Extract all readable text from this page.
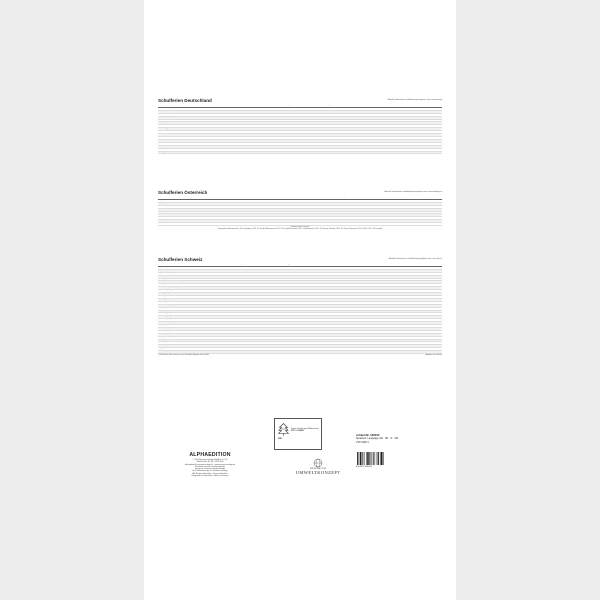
Schulferien Deutschland	Aktuelle Informationen und Änderungsangebote unter: www.kmk.org
Bundesland	Weihnachten 2023/2024	Winter 2024	Frühjahr/Ostern 2024	Himmelfahrt/Pfingsten 2024	Sommer 2024	Herbst 2024	Weihnachten 2024/2025
Baden-Württemberg	23.12. - 05.01.	-	23.03. - 06.04.	21.05. - 31.05.	25.07. - 07.09.	28.10. - 31.10.	23.12. - 04.01.
Bayern	23.12. - 05.01.	12.02. - 16.02.	25.03. - 06.04.	21.05. - 01.06.	29.07. - 09.09.	28.10. - 31.10.	23.12. - 03.01.
Berlin	22.12. - 02.01.	05.02. - 10.02.	25.03. - 05.04.	10.05.	18.07. - 30.08.	21.10. - 01.11.	23.12. - 31.12.
Brandenburg	22.12. - 02.01.	05.02. - 10.02.	25.03. - 30.03.	10.05.	18.07. - 30.08.	21.10. - 01.11.	23.12. - 03.01.
Bremen	23.12. - 05.01.	01.02. - 02.02.	18.03. - 02.04.	10.05. / 21.05.	24.06. - 02.08.	04.10. - 18.10.	23.12. - 04.01.
Hamburg	22.12. - 05.01.	02.02.	18.03. - 28.03.	10.05. - 24.05.	18.07. - 28.08.	21.10. - 01.11.	20.12. - 03.01.
Hessen	27.12. - 13.01.	-	25.03. - 13.04.	-	15.07. - 23.08.	14.10. - 26.10.	23.12. - 10.01.
Mecklenburg-Vorpommern	21.12. - 03.01.	05.02. - 16.02.	25.03. - 03.04.	10.05. / 17.05. - 21.05.	22.07. - 31.08.	30.10. - 02.11.	23.12. - 04.01.
Niedersachsen	27.12. - 05.01.	01.02. - 02.02.	18.03. - 28.03.	10.05. / 21.05.	24.06. - 02.08.	04.10. - 18.10.	23.12. - 04.01.
Nordrhein-Westfalen	21.12. - 05.01.	-	25.03. - 06.04.	21.05.	08.07. - 20.08.	14.10. - 26.10.	23.12. - 06.01.
Rheinland-Pfalz	27.12. - 05.01.	-	25.03. - 02.04.	-	15.07. - 23.08.	14.10. - 25.10.	23.12. - 08.01.
Saarland	21.12. - 02.01.	12.02. - 16.02.	25.03. - 05.04.	-	15.07. - 23.08.	14.10. - 25.10.	20.12. - 03.01.
Sachsen	23.12. - 02.01.	12.02. - 23.02.	28.03. - 05.04.	10.05.	20.06. - 02.08.	07.10. - 18.10.	23.12. - 03.01.
Sachsen-Anhalt	21.12. - 03.01.	05.02. - 10.02.	25.03. - 30.03.	21.05. - 24.05.	24.06. - 02.08.	04.10. - 18.10.	19.12. - 03.01.
Schleswig-Holstein	27.12. - 09.01.	-	02.04. - 19.04.	10.05.	22.07. - 31.08.	21.10. - 02.11.	19.12. - 07.01.
Thüringen	22.12. - 05.01.	12.02. - 16.02.	25.03. - 05.04.	10.05.	20.06. - 31.07.	07.10. - 19.10.	20.12. - 03.01.
Schulferien Österreich	Aktuelle Informationen und Änderungsangebote unter: www.bmbwf.gv.at
Bundesland	Weihnachten 2023/2024	Semester 2024	Ostern 2024	Pfingsten 2024	Sommer 2024	Weihnachten 2024/2025
Burgenland	23.12. - 06.01.	05.02. - 10.02.	23.03. - 02.04.	18.05. - 21.05.	29.06. - 31.08.	21.12. - 06.01.
Kärnten	23.12. - 06.01.	12.02. - 17.02.	23.03. - 02.04.	18.05. - 21.05.	06.07. - 07.09.	21.12. - 06.01.
Niederösterreich	23.12. - 06.01.	05.02. - 10.02.	23.03. - 02.04.	18.05. - 21.05.	29.06. - 31.08.	21.12. - 06.01.
Oberösterreich	23.12. - 06.01.	12.02. - 17.02.	23.03. - 02.04.	18.05. - 21.05.	06.07. - 07.09.	21.12. - 06.01.
Salzburg	23.12. - 06.01.	12.02. - 17.02.	23.03. - 02.04.	18.05. - 21.05.	06.07. - 07.09.	21.12. - 06.01.
Steiermark	23.12. - 06.01.	19.02. - 24.02.	23.03. - 02.04.	18.05. - 21.05.	06.07. - 07.09.	21.12. - 06.01.
Tirol	23.12. - 06.01.	12.02. - 17.02.	23.03. - 02.04.	18.05. - 21.05.	06.07. - 07.09.	21.12. - 06.01.
Vorarlberg	23.12. - 06.01.	12.02. - 17.02.	23.03. - 02.04.	18.05. - 21.05.	06.07. - 07.09.	21.12. - 06.01.
Wien	23.12. - 06.01.	05.02. - 10.02.	23.03. - 02.04.	18.05. - 21.05.	29.06. - 31.08.	21.12. - 06.01.
Schulfreie Tage Österreich
Burgenland, Niederösterreich, Tirol, Vorarlberg: 19.03. (hl. Josef); Niederösterreich: 15.11. (hl. Leopold); Kärnten: 10.10.; Oberösterreich: 04.05. (hl. Florian); Salzburg: 24.09. (hl. Rupert); Steiermark: 19.03.; Wien: 15.11. (hl. Leopold)
Schulferien Schweiz	Aktuelle Informationen und Änderungsangebote unter: www.edk.ch
Kanton	Sport 2024	Frühling 2024	Sommer 2024	Herbst 2024	Weihnachten 2024/2025
Aargau (AG) alle Schulen	variiert	06.04. - 20.04.	06.07. - 10.08.	28.09. - 12.10.	21.12. - 04.01.
Appenzell (AR) alle Schulen	10.02. - 18.02.	06.04. - 21.04.	06.07. - 11.08.	28.09. - 13.10.	21.12. - 05.01.
Appenzell (AI) Übersicht	10.02. - 18.02.	13.04. - 28.04.	29.06. - 11.08.	05.10. - 20.10.	21.12. - 05.01.
Basel (BS) alle Schulen	17.02. - 03.03.	29.03. - 14.04.	29.06. - 11.08.	28.09. - 13.10.	21.12. - 05.01.
Basel (BL) Primarschule/Sek	17.02. - 03.03.	06.04. - 21.04.	29.06. - 11.08.	28.09. - 13.10.	21.12. - 05.01.
Bern (BE) alle Schulen	variiert	06.04. - 21.04.	06.07. - 11.08.	21.09. - 13.10.	21.12. - 05.01.
Bern (BE) Schulen Berner Jura	variiert	06.04. - 21.04.	06.07. - 11.08.	28.09. - 20.10.	21.12. - 05.01.
Basel-Landschaft (BL) Gymnasium	17.02. - 03.03.	29.03. - 14.04.	29.06. - 11.08.	28.09. - 13.10.	21.12. - 05.01.
Basel-Stadt (BS) Gymnasium	17.02. - 03.03.	29.03. - 14.04.	29.06. - 11.08.	28.09. - 13.10.	21.12. - 05.01.
Freiburg (FR) Übersicht	10.02. - 18.02.	29.03. - 14.04.	06.07. - 25.08.	12.10. - 27.10.	21.12. - 05.01.
Fribourg (FR) Schulen franz.	10.02. - 18.02.	29.03. - 14.04.	06.07. - 25.08.	12.10. - 27.10.	21.12. - 05.01.
Genf (GE) Schulen	12.02. - 16.02.	29.03. - 12.04.	29.06. - 26.08.	21.10. - 01.11.	23.12. - 03.01.
Glarus (GL) Übersicht	03.02. - 18.02.	06.04. - 21.04.	06.07. - 11.08.	28.09. - 13.10.	21.12. - 05.01.
Graubünden (GR) Übersicht	variiert	variiert	variiert	variiert	21.12. - 05.01.
Jura (JU) alle Schulen	26.02. - 01.03.	29.03. - 12.04.	06.07. - 14.08.	12.10. - 27.10.	21.12. - 05.01.
Luzern (LU) alle Schulen	10.02. - 25.02.	29.03. - 14.04.	29.06. - 18.08.	21.09. - 06.10.	21.12. - 05.01.
Neuenburg (NE) Übersicht	26.02. - 01.03.	29.03. - 12.04.	06.07. - 16.08.	14.10. - 25.10.	23.12. - 03.01.
Nidwalden (NW) Übersicht	10.02. - 25.02.	13.04. - 28.04.	29.06. - 18.08.	28.09. - 13.10.	21.12. - 05.01.
Obwalden (OW) Übersicht	10.02. - 25.02.	13.04. - 28.04.	29.06. - 18.08.	28.09. - 13.10.	21.12. - 05.01.
Schaffhausen (SH) Übersicht	03.02. - 18.02.	06.04. - 21.04.	06.07. - 11.08.	28.09. - 13.10.	21.12. - 05.01.
Schwyz (SZ) Übersicht	10.02. - 18.02.	13.04. - 28.04.	29.06. - 18.08.	28.09. - 13.10.	21.12. - 05.01.
Solothurn (SO) Übersicht	10.02. - 18.02.	06.04. - 21.04.	06.07. - 11.08.	21.09. - 13.10.	21.12. - 05.01.
St. Gallen (SG) Übersicht	27.01. - 04.02.	06.04. - 21.04.	06.07. - 11.08.	28.09. - 20.10.	21.12. - 05.01.
Tessin (TI) Übersicht	12.02. - 16.02.	29.03. - 05.04.	15.06. - 01.09.	28.10. - 01.11.	21.12. - 06.01.
Thurgau (TG) Übersicht	27.01. - 04.02.	06.04. - 21.04.	06.07. - 11.08.	28.09. - 13.10.	21.12. - 05.01.
Uri (UR) Übersicht	10.02. - 25.02.	13.04. - 28.04.	29.06. - 18.08.	28.09. - 13.10.	21.12. - 05.01.
Waadt (VD) Übersicht	17.02. - 25.02.	29.03. - 14.04.	29.06. - 25.08.	12.10. - 27.10.	21.12. - 05.01.
Wallis (VS) Übersicht	10.02. - 18.02.	29.03. - 14.04.	22.06. - 18.08.	12.10. - 27.10.	21.12. - 05.01.
Zug (ZG) Übersicht	10.02. - 25.02.	13.04. - 28.04.	06.07. - 18.08.	28.09. - 13.10.	21.12. - 05.01.
Zürich (ZH) alle Schulen	variiert	20.04. - 05.05.	13.07. - 18.08.	05.10. - 20.10.	21.12. - 05.01.
(*) Schulferien Genf variieren je nach Gemeinde; Angaben ohne Gewähr	Angaben ohne Gewähr
MIX
Papier | Fördert gute Waldnutzung
FSC® C104820
ALPHAEDITION
© 2023 Neumann Verlage GmbH & Co. KG
Weißenthaler Str. 38 - 91541 Rott
alphaedition@neumann-verlage.de · www.neumann-verlage.de
Facebook: neumann.verlage.kalender
Instagram: neumann.verlage.kalender
Ein Unternehmen der Dr. Neumann Holding
Alle Rechte vorbehalten · Irrtum vorbehalten
Hergestellt in Deutschland · Made in Germany
EIN BEITRAG ZUM
UMWELTKONZEPT
Artikel-Nr. 160400
Sprachen: Language: DE · FR · IT · GB
VVP 2083 4
4 003273 006003
